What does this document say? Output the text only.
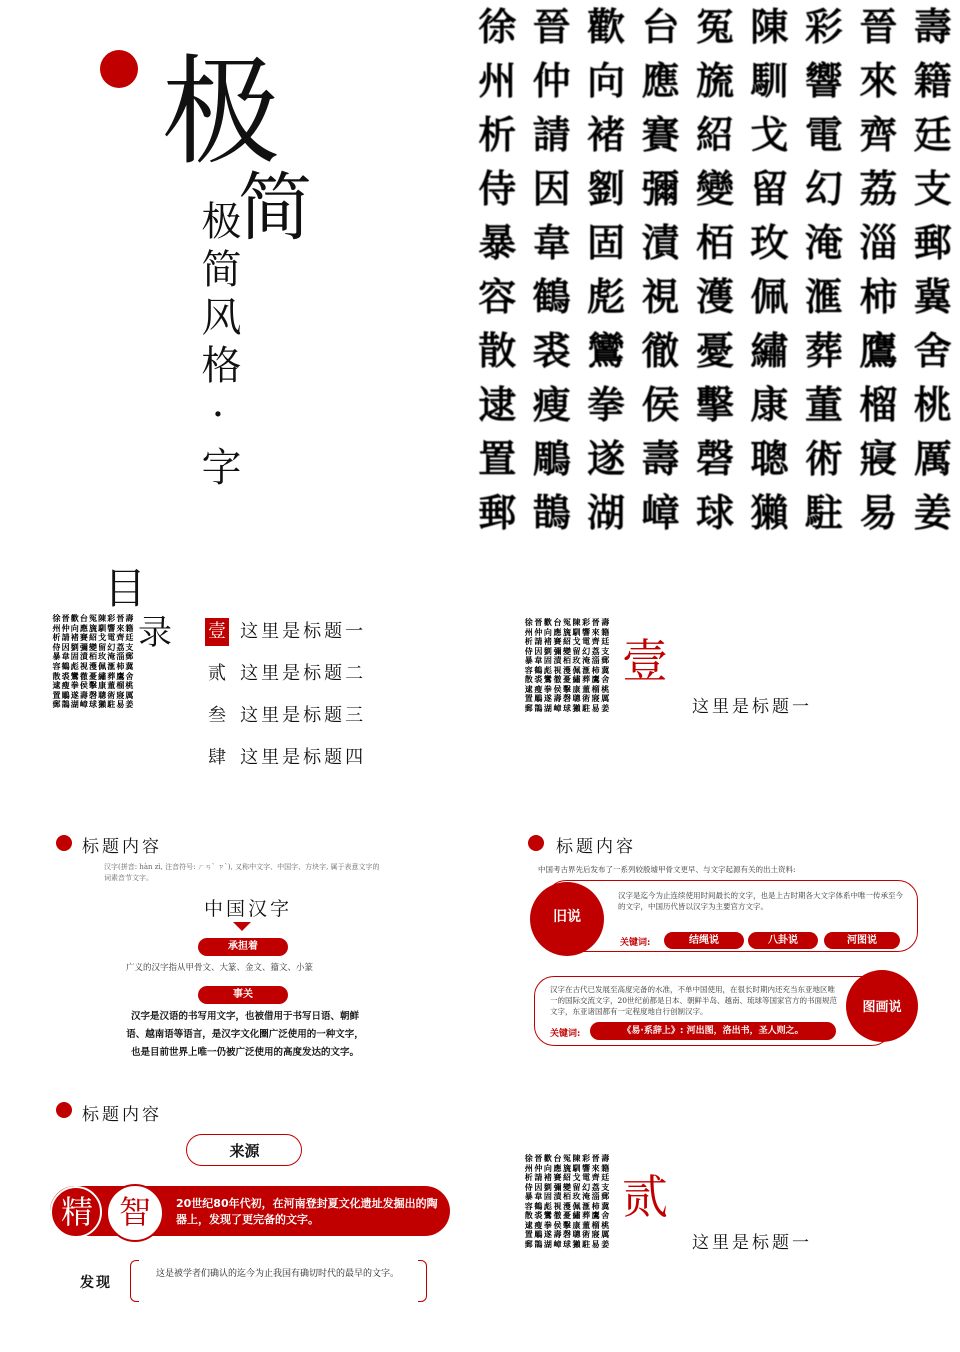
极
简
极简风格·字
徐 晉 歡 台 冤 陳 彩 晉 壽
州 仲 向 應 旒 馴 響 來 籍
析 請 褚 賽 紹 戈 電 齊 廷
侍 因 劉 彌 變 留 幻 荔 支
暴 韋 固 漬 栢 玫 淹 淄 郵
容 鶴 彪 視 濩 佩 滙 柿 冀
散 裘 鸞 徹 憂 繡 葬 鷹 舍
逮 瘦 拳 侯 擊 康 董 榴 桃
置 鵰 遂 壽 磬 聰 術 寢 厲
郵 鵲 湖 嶂 球 獺 駐 易 姜
目
录
徐 晉 歡 台 冤 陳 彩 晉 壽
州 仲 向 應 旒 馴 響 來 籍
析 請 褚 賽 紹 戈 電 齊 廷
侍 因 劉 彌 變 留 幻 荔 支
暴 韋 固 漬 栢 玫 淹 淄 郵
容 鶴 彪 視 濩 佩 滙 柿 冀
散 裘 鸞 徹 憂 繡 葬 鷹 舍
逮 瘦 拳 侯 擊 康 董 榴 桃
置 鵰 遂 壽 磬 聰 術 寢 厲
郵 鵲 湖 嶂 球 獺 駐 易 姜
壹 这里是标题一
贰 这里是标题二
叁 这里是标题三
肆 这里是标题四
徐 晉 歡 台 冤 陳 彩 晉 壽
州 仲 向 應 旒 馴 響 來 籍
析 請 褚 賽 紹 戈 電 齊 廷
侍 因 劉 彌 變 留 幻 荔 支
暴 韋 固 漬 栢 玫 淹 淄 郵
容 鶴 彪 視 濩 佩 滙 柿 冀
散 裘 鸞 徹 憂 繡 葬 鷹 舍
逮 瘦 拳 侯 擊 康 董 榴 桃
置 鵰 遂 壽 磬 聰 術 寢 厲
郵 鵲 湖 嶂 球 獺 駐 易 姜
壹
这里是标题一
标题内容
汉字(拼音: hàn zì, 注音符号: ㄏㄢˋ ㄗˋ), 又称中文字、中国字、方块字, 属于表意文字的词素音节文字。
中国汉字
承担着
广义的汉字指从甲骨文、大篆、金文、籀文、小篆
事关
汉字是汉语的书写用文字，也被借用于书写日语、朝鲜语、越南语等语言，是汉字文化圈广泛使用的一种文字，也是目前世界上唯一仍被广泛使用的高度发达的文字。
标题内容
中国考古界先后发布了一系列较殷墟甲骨文更早、与文字起源有关的出土资料:
旧说
汉字是迄今为止连续使用时间最长的文字，也是上古时期各大文字体系中唯一传承至今的文字，中国历代皆以汉字为主要官方文字。
关键词:	结绳说	八卦说	河图说
图画说
汉字在古代已发展至高度完备的水准，不单中国使用，在很长时期内还充当东亚地区唯一的国际交流文字，20世纪前都是日本、朝鲜半岛、越南、琉球等国家官方的书面规范文字，东亚诸国都有一定程度地自行创制汉字。
关键词:	《易·系辞上》: 河出图，洛出书，圣人则之。
标题内容
来源
精 智	20世纪80年代初，在河南登封夏文化遗址发掘出的陶器上，发现了更完备的文字。
发现
这是被学者们确认的迄今为止我国有确切时代的最早的文字。
徐 晉 歡 台 冤 陳 彩 晉 壽
州 仲 向 應 旒 馴 響 來 籍
析 請 褚 賽 紹 戈 電 齊 廷
侍 因 劉 彌 變 留 幻 荔 支
暴 韋 固 漬 栢 玫 淹 淄 郵
容 鶴 彪 視 濩 佩 滙 柿 冀
散 裘 鸞 徹 憂 繡 葬 鷹 舍
逮 瘦 拳 侯 擊 康 董 榴 桃
置 鵰 遂 壽 磬 聰 術 寢 厲
郵 鵲 湖 嶂 球 獺 駐 易 姜
贰
这里是标题一
